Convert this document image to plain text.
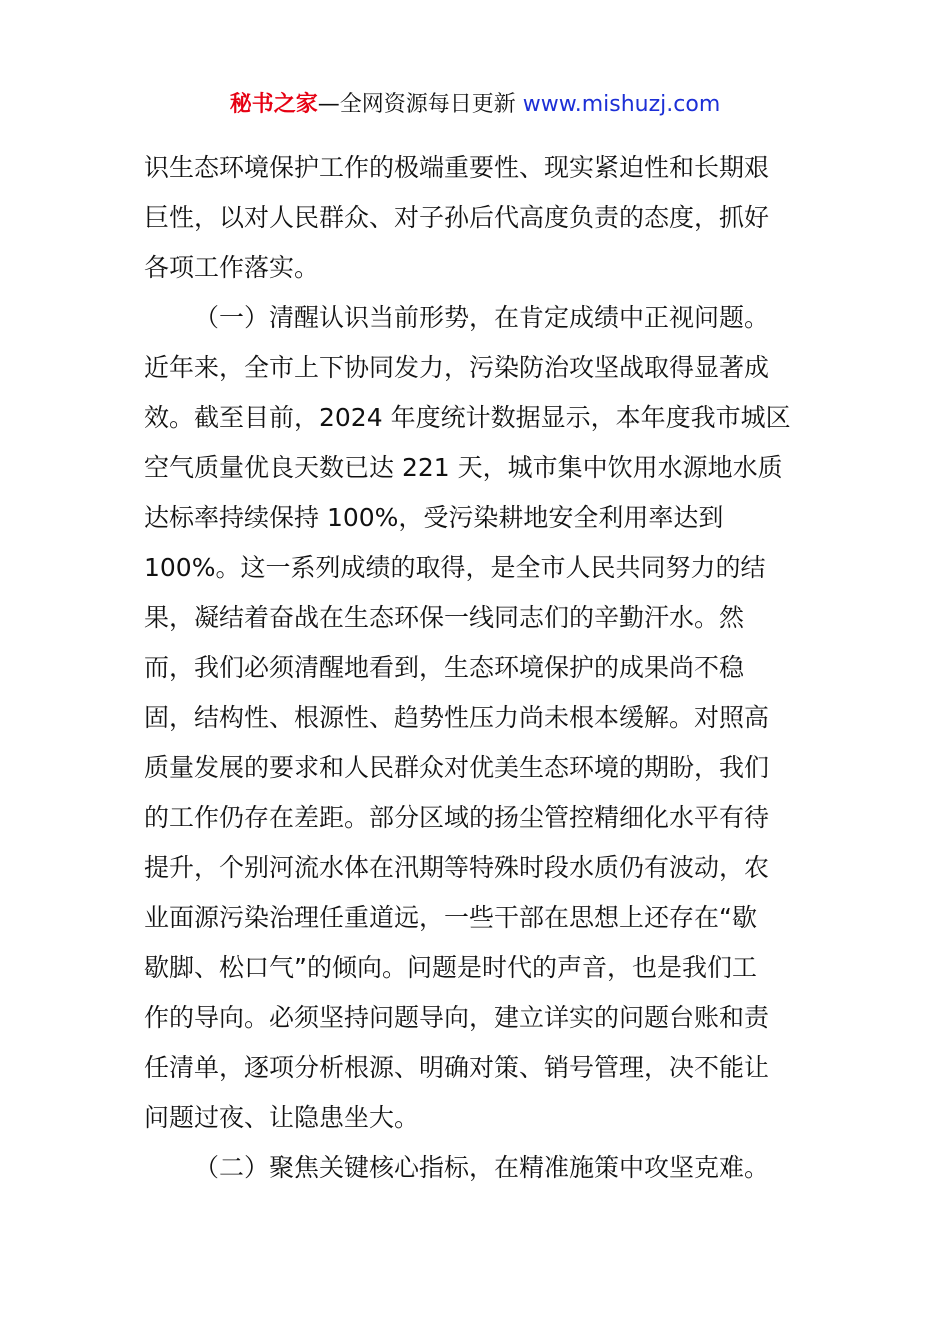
秘书之家—全网资源每日更新 www.mishuzj.com
识生态环境保护工作的极端重要性、现实紧迫性和长期艰
巨性，以对人民群众、对子孙后代高度负责的态度，抓好
各项工作落实。
（一）清醒认识当前形势，在肯定成绩中正视问题。
近年来，全市上下协同发力，污染防治攻坚战取得显著成
效。截至目前，2024 年度统计数据显示，本年度我市城区
空气质量优良天数已达 221 天，城市集中饮用水源地水质
达标率持续保持 100%，受污染耕地安全利用率达到
100%。这一系列成绩的取得，是全市人民共同努力的结
果，凝结着奋战在生态环保一线同志们的辛勤汗水。然
而，我们必须清醒地看到，生态环境保护的成果尚不稳
固，结构性、根源性、趋势性压力尚未根本缓解。对照高
质量发展的要求和人民群众对优美生态环境的期盼，我们
的工作仍存在差距。部分区域的扬尘管控精细化水平有待
提升，个别河流水体在汛期等特殊时段水质仍有波动，农
业面源污染治理任重道远，一些干部在思想上还存在“歇
歇脚、松口气”的倾向。问题是时代的声音，也是我们工
作的导向。必须坚持问题导向，建立详实的问题台账和责
任清单，逐项分析根源、明确对策、销号管理，决不能让
问题过夜、让隐患坐大。
（二）聚焦关键核心指标，在精准施策中攻坚克难。
